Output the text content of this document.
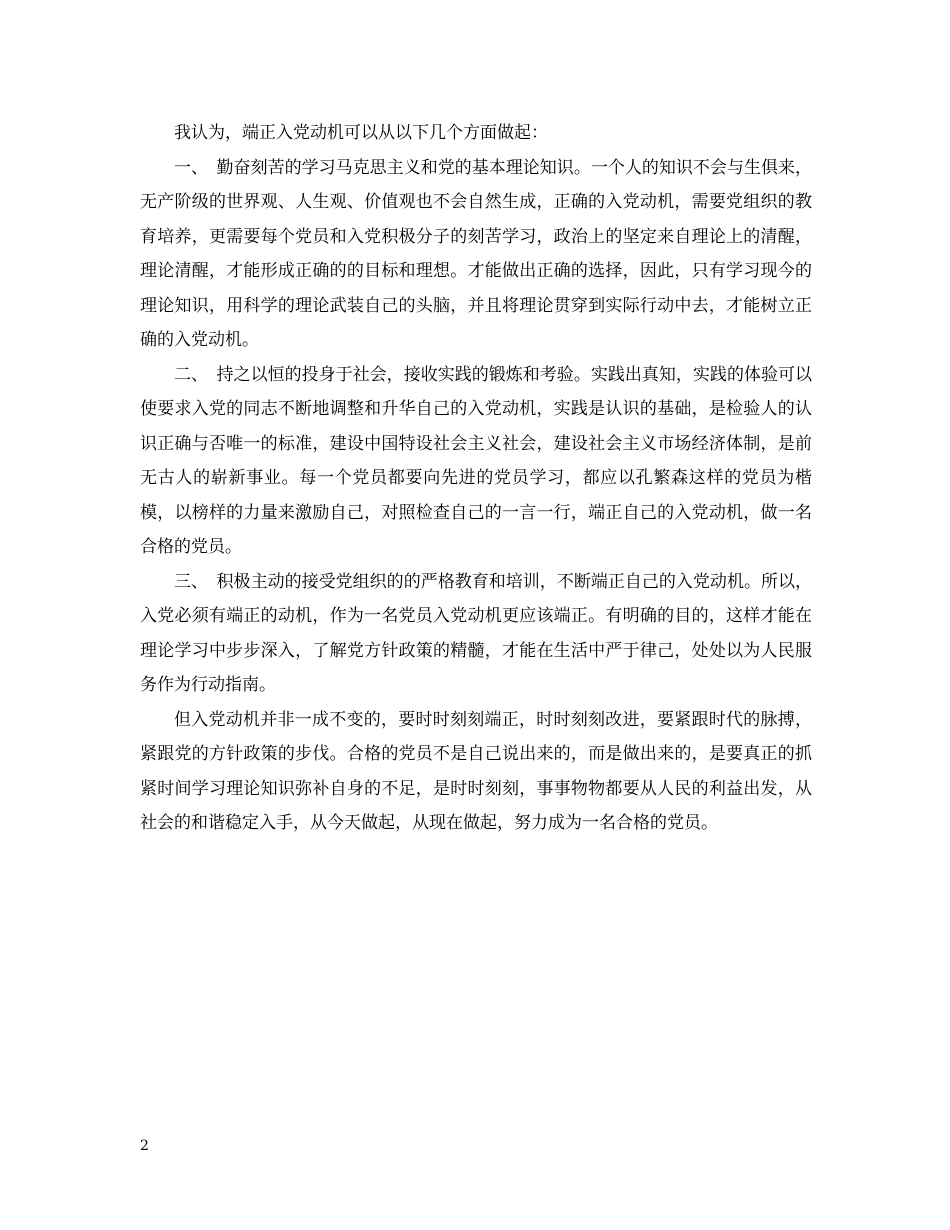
我认为，端正入党动机可以从以下几个方面做起：

一、　勤奋刻苦的学习马克思主义和党的基本理论知识。一个人的知识不会与生俱来，无产阶级的世界观、人生观、价值观也不会自然生成，正确的入党动机，需要党组织的教育培养，更需要每个党员和入党积极分子的刻苦学习，政治上的坚定来自理论上的清醒，理论清醒，才能形成正确的的目标和理想。才能做出正确的选择，因此，只有学习现今的理论知识，用科学的理论武装自己的头脑，并且将理论贯穿到实际行动中去，才能树立正确的入党动机。

二、　持之以恒的投身于社会，接收实践的锻炼和考验。实践出真知，实践的体验可以使要求入党的同志不断地调整和升华自己的入党动机，实践是认识的基础，是检验人的认识正确与否唯一的标准，建设中国特设社会主义社会，建设社会主义市场经济体制，是前无古人的崭新事业。每一个党员都要向先进的党员学习，都应以孔繁森这样的党员为楷模，以榜样的力量来激励自己，对照检查自己的一言一行，端正自己的入党动机，做一名合格的党员。

三、　积极主动的接受党组织的的严格教育和培训，不断端正自己的入党动机。所以，入党必须有端正的动机，作为一名党员入党动机更应该端正。有明确的目的，这样才能在理论学习中步步深入，了解党方针政策的精髓，才能在生活中严于律己，处处以为人民服务作为行动指南。

但入党动机并非一成不变的，要时时刻刻端正，时时刻刻改进，要紧跟时代的脉搏，紧跟党的方针政策的步伐。合格的党员不是自己说出来的，而是做出来的，是要真正的抓紧时间学习理论知识弥补自身的不足，是时时刻刻，事事物物都要从人民的利益出发，从社会的和谐稳定入手，从今天做起，从现在做起，努力成为一名合格的党员。

2
